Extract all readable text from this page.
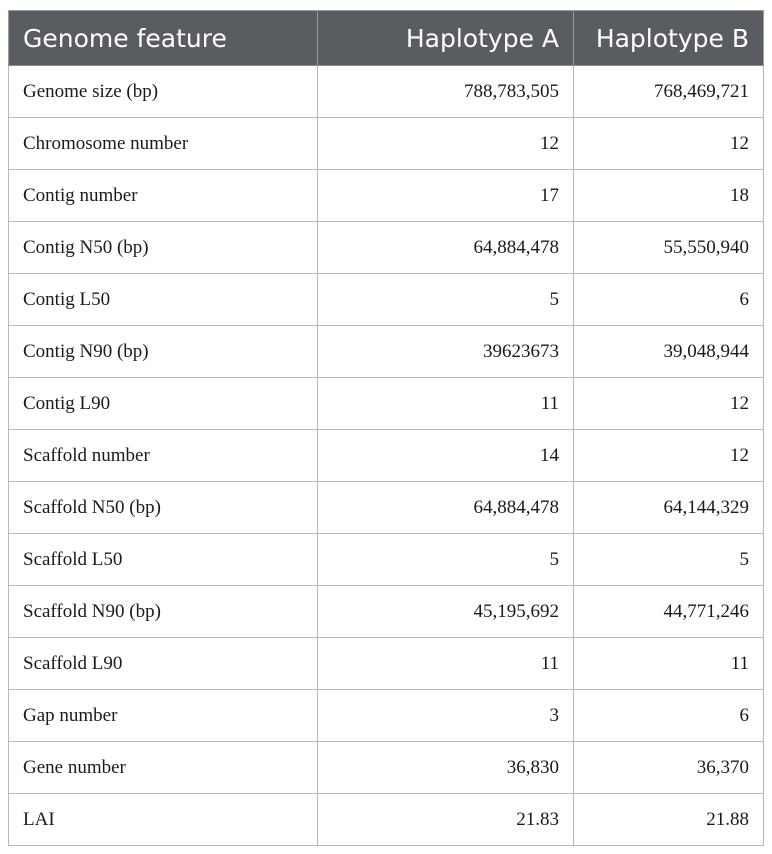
Genome feature	Haplotype A	Haplotype B
Genome size (bp)	788,783,505	768,469,721
Chromosome number	12	12
Contig number	17	18
Contig N50 (bp)	64,884,478	55,550,940
Contig L50	5	6
Contig N90 (bp)	39623673	39,048,944
Contig L90	11	12
Scaffold number	14	12
Scaffold N50 (bp)	64,884,478	64,144,329
Scaffold L50	5	5
Scaffold N90 (bp)	45,195,692	44,771,246
Scaffold L90	11	11
Gap number	3	6
Gene number	36,830	36,370
LAI	21.83	21.88
